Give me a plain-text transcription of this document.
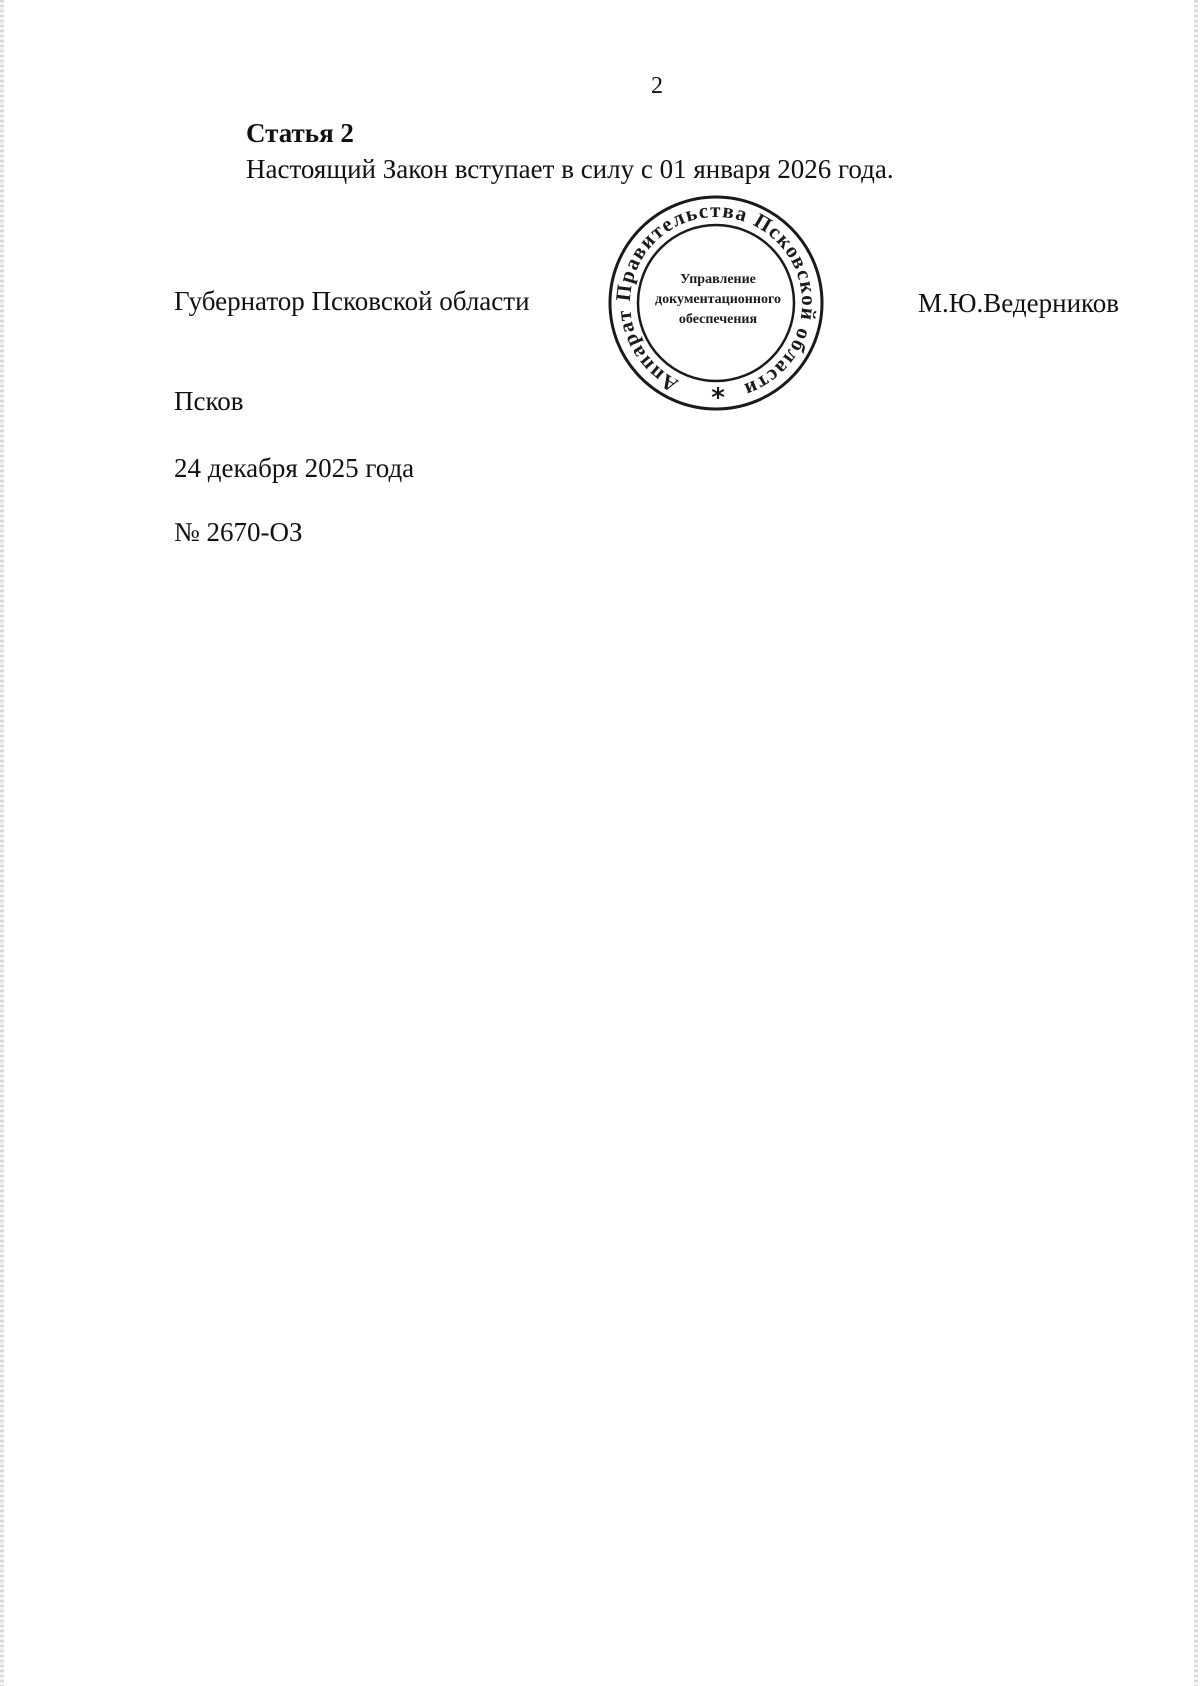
2
Статья 2
Настоящий Закон вступает в силу с 01 января 2026 года.
Губернатор Псковской области	М.Ю.Ведерников
Аппарат Правительства Псковской области
Управление
документационного
обеспечения
*
Псков
24 декабря 2025 года
№ 2670-ОЗ
